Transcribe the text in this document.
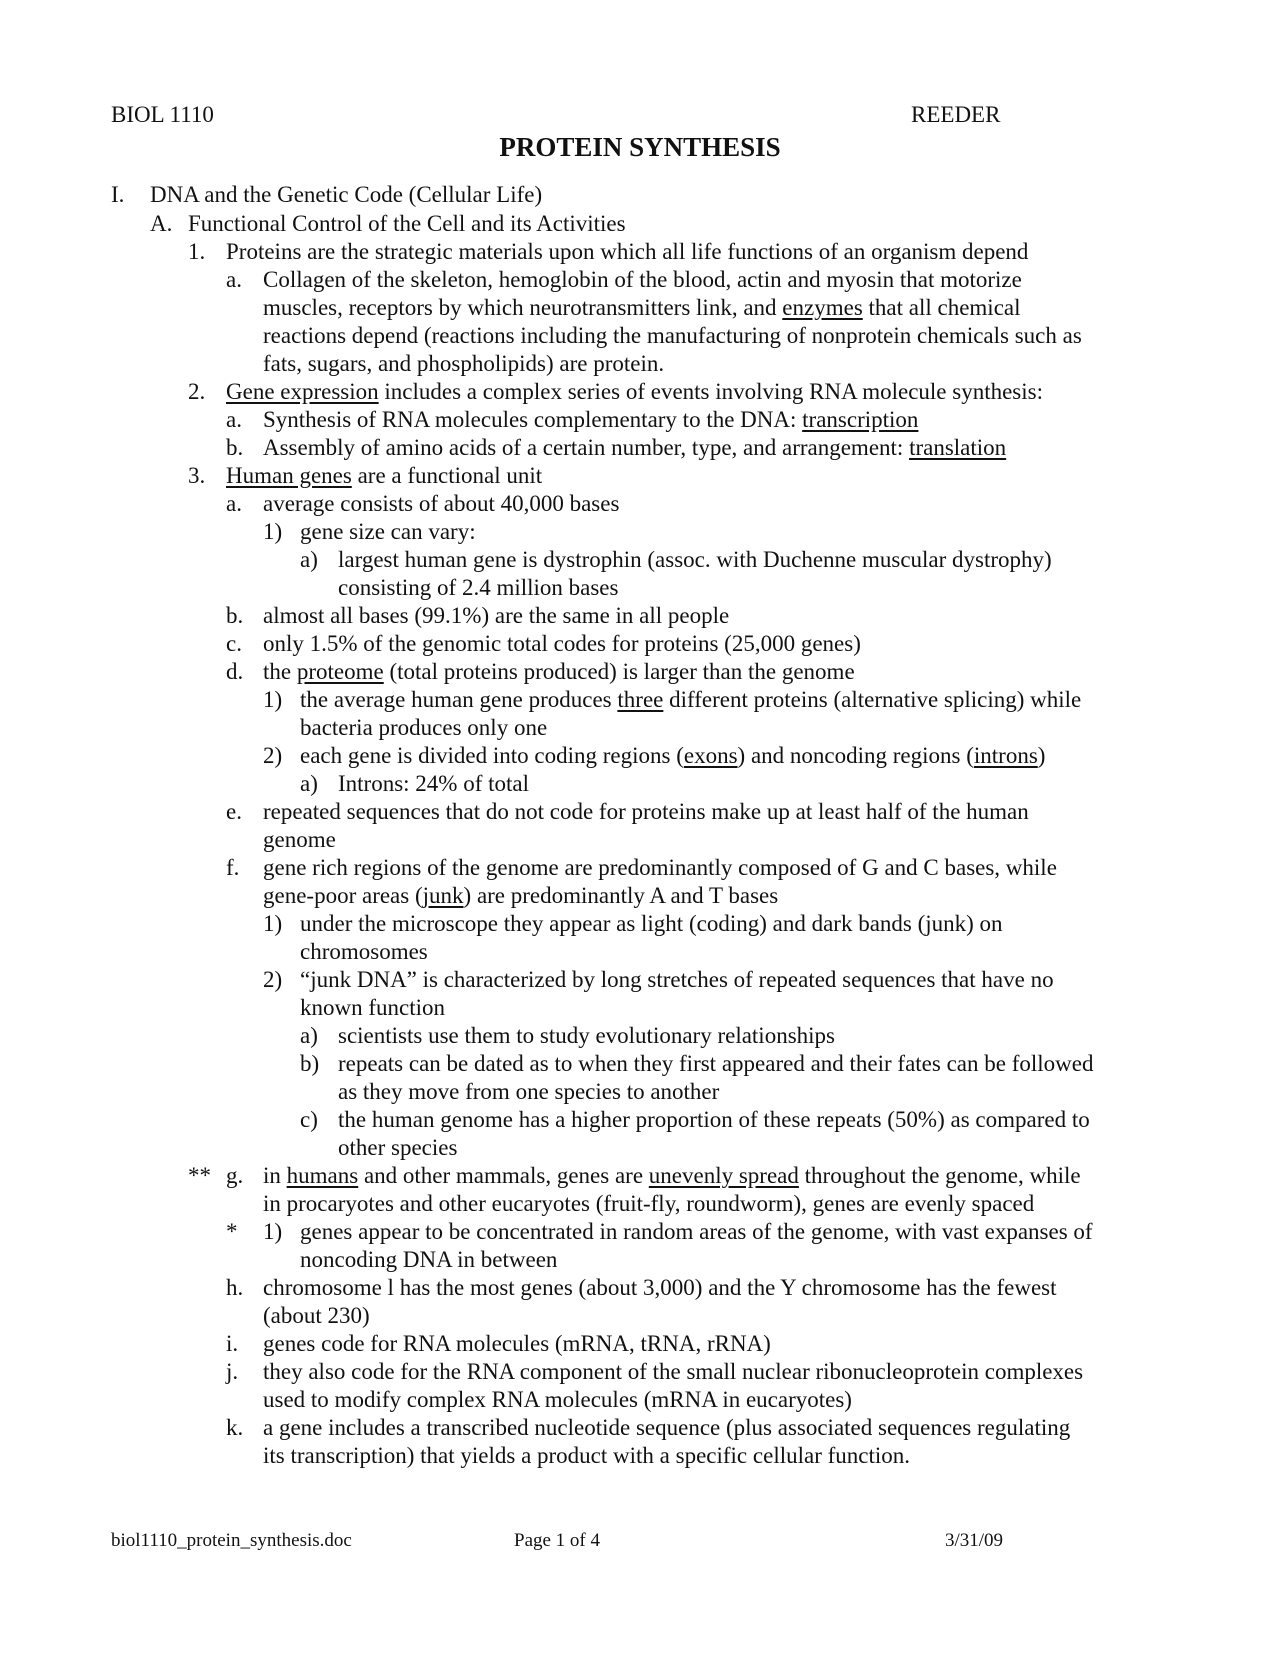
BIOL 1110	REEDER
PROTEIN SYNTHESIS
I. DNA and the Genetic Code (Cellular Life)
A. Functional Control of the Cell and its Activities
1. Proteins are the strategic materials upon which all life functions of an organism depend
a. Collagen of the skeleton, hemoglobin of the blood, actin and myosin that motorize
muscles, receptors by which neurotransmitters link, and enzymes that all chemical
reactions depend (reactions including the manufacturing of nonprotein chemicals such as
fats, sugars, and phospholipids) are protein.
2. Gene expression includes a complex series of events involving RNA molecule synthesis:
a. Synthesis of RNA molecules complementary to the DNA: transcription
b. Assembly of amino acids of a certain number, type, and arrangement: translation
3. Human genes are a functional unit
a. average consists of about 40,000 bases
1) gene size can vary:
a) largest human gene is dystrophin (assoc. with Duchenne muscular dystrophy)
consisting of 2.4 million bases
b. almost all bases (99.1%) are the same in all people
c. only 1.5% of the genomic total codes for proteins (25,000 genes)
d. the proteome (total proteins produced) is larger than the genome
1) the average human gene produces three different proteins (alternative splicing) while
bacteria produces only one
2) each gene is divided into coding regions (exons) and noncoding regions (introns)
a) Introns: 24% of total
e. repeated sequences that do not code for proteins make up at least half of the human
genome
f. gene rich regions of the genome are predominantly composed of G and C bases, while
gene-poor areas (junk) are predominantly A and T bases
1) under the microscope they appear as light (coding) and dark bands (junk) on
chromosomes
2) “junk DNA” is characterized by long stretches of repeated sequences that have no
known function
a) scientists use them to study evolutionary relationships
b) repeats can be dated as to when they first appeared and their fates can be followed
as they move from one species to another
c) the human genome has a higher proportion of these repeats (50%) as compared to
other species
** g. in humans and other mammals, genes are unevenly spread throughout the genome, while
in procaryotes and other eucaryotes (fruit-fly, roundworm), genes are evenly spaced
* 1) genes appear to be concentrated in random areas of the genome, with vast expanses of
noncoding DNA in between
h. chromosome l has the most genes (about 3,000) and the Y chromosome has the fewest
(about 230)
i. genes code for RNA molecules (mRNA, tRNA, rRNA)
j. they also code for the RNA component of the small nuclear ribonucleoprotein complexes
used to modify complex RNA molecules (mRNA in eucaryotes)
k. a gene includes a transcribed nucleotide sequence (plus associated sequences regulating
its transcription) that yields a product with a specific cellular function.
biol1110_protein_synthesis.doc	Page 1 of 4	3/31/09
